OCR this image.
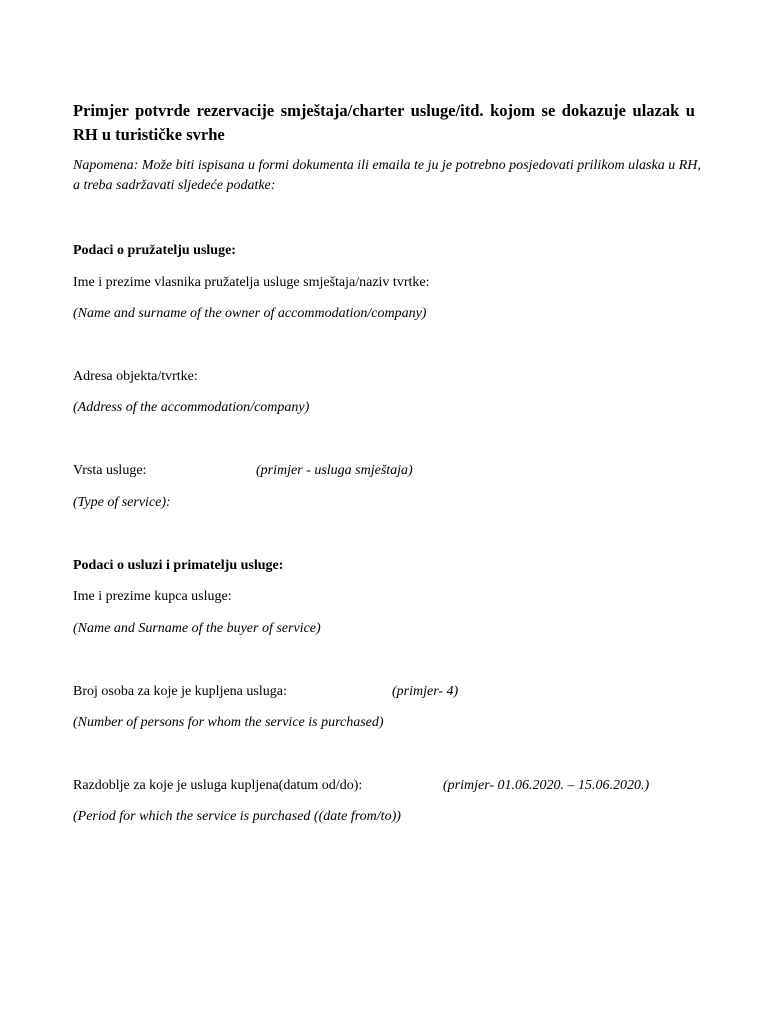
Primjer potvrde rezervacije smještaja/charter usluge/itd. kojom se dokazuje ulazak u RH u turističke svrhe

Napomena: Može biti ispisana u formi dokumenta ili emaila te ju je potrebno posjedovati prilikom ulaska u RH, a treba sadržavati sljedeće podatke:

Podaci o pružatelju usluge:

Ime i prezime vlasnika pružatelja usluge smještaja/naziv tvrtke:

(Name and surname of the owner of accommodation/company)

Adresa objekta/tvrtke:

(Address of the accommodation/company)

Vrsta usluge:	(primjer - usluga smještaja)

(Type of service):

Podaci o usluzi i primatelju usluge:

Ime i prezime kupca usluge:

(Name and Surname of the buyer of service)

Broj osoba za koje je kupljena usluga:	(primjer- 4)

(Number of persons for whom the service is purchased)

Razdoblje za koje je usluga kupljena(datum od/do):	(primjer- 01.06.2020. – 15.06.2020.)

(Period for which the service is purchased ((date from/to))
